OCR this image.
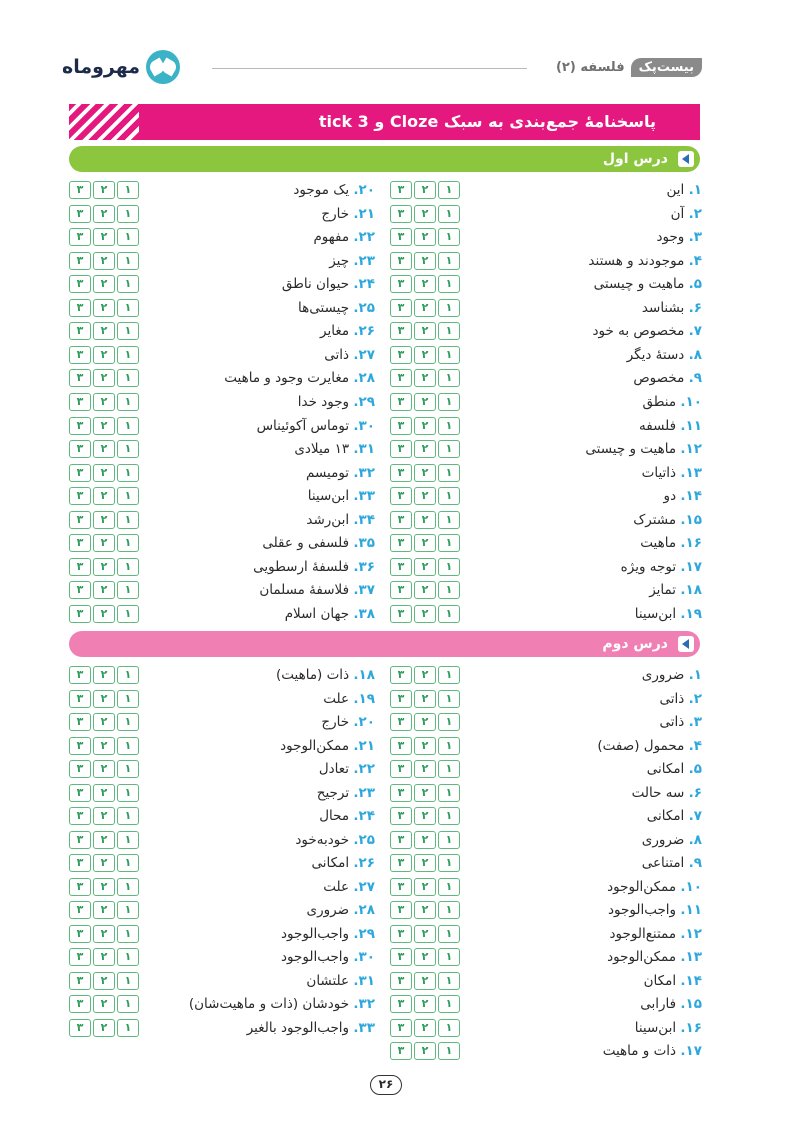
مهروماه	بیست‌پک
فلسفه (۲)
پاسخنامه‌ٔ جمع‌بندی به سبک Cloze و tick 3
درس اول
درس دوم
۳	۲	۱	۱. این
۳	۲	۱	۲. آن
۳	۲	۱	۳. وجود
۳	۲	۱	۴. موجودند و هستند
۳	۲	۱	۵. ماهیت و چیستی
۳	۲	۱	۶. بشناسد
۳	۲	۱	۷. مخصوص به خود
۳	۲	۱	۸. دستهٔ دیگر
۳	۲	۱	۹. مخصوص
۳	۲	۱	۱۰. منطق
۳	۲	۱	۱۱. فلسفه
۳	۲	۱	۱۲. ماهیت و چیستی
۳	۲	۱	۱۳. ذاتیات
۳	۲	۱	۱۴. دو
۳	۲	۱	۱۵. مشترک
۳	۲	۱	۱۶. ماهیت
۳	۲	۱	۱۷. توجه ویژه
۳	۲	۱	۱۸. تمایز
۳	۲	۱	۱۹. ابن‌سینا
۳	۲	۱	۲۰. یک موجود
۳	۲	۱	۲۱. خارج
۳	۲	۱	۲۲. مفهوم
۳	۲	۱	۲۳. چیز
۳	۲	۱	۲۴. حیوان ناطق
۳	۲	۱	۲۵. چیستی‌ها
۳	۲	۱	۲۶. مغایر
۳	۲	۱	۲۷. ذاتی
۳	۲	۱	۲۸. مغایرت وجود و ماهیت
۳	۲	۱	۲۹. وجود خدا
۳	۲	۱	۳۰. توماس آکوئیناس
۳	۲	۱	۳۱. ۱۳ میلادی
۳	۲	۱	۳۲. تومیسم
۳	۲	۱	۳۳. ابن‌سینا
۳	۲	۱	۳۴. ابن‌رشد
۳	۲	۱	۳۵. فلسفی و عقلی
۳	۲	۱	۳۶. فلسفهٔ ارسطویی
۳	۲	۱	۳۷. فلاسفهٔ مسلمان
۳	۲	۱	۳۸. جهان اسلام
۳	۲	۱	۱. ضروری
۳	۲	۱	۲. ذاتی
۳	۲	۱	۳. ذاتی
۳	۲	۱	۴. محمول (صفت)
۳	۲	۱	۵. امکانی
۳	۲	۱	۶. سه حالت
۳	۲	۱	۷. امکانی
۳	۲	۱	۸. ضروری
۳	۲	۱	۹. امتناعی
۳	۲	۱	۱۰. ممکن‌الوجود
۳	۲	۱	۱۱. واجب‌الوجود
۳	۲	۱	۱۲. ممتنع‌الوجود
۳	۲	۱	۱۳. ممکن‌الوجود
۳	۲	۱	۱۴. امکان
۳	۲	۱	۱۵. فارابی
۳	۲	۱	۱۶. ابن‌سینا
۳	۲	۱	۱۷. ذات و ماهیت
۳	۲	۱	۱۸. ذات (ماهیت)
۳	۲	۱	۱۹. علت
۳	۲	۱	۲۰. خارج
۳	۲	۱	۲۱. ممکن‌الوجود
۳	۲	۱	۲۲. تعادل
۳	۲	۱	۲۳. ترجیح
۳	۲	۱	۲۴. محال
۳	۲	۱	۲۵. خودبه‌خود
۳	۲	۱	۲۶. امکانی
۳	۲	۱	۲۷. علت
۳	۲	۱	۲۸. ضروری
۳	۲	۱	۲۹. واجب‌الوجود
۳	۲	۱	۳۰. واجب‌الوجود
۳	۲	۱	۳۱. علتشان
۳	۲	۱	۳۲. خودشان (ذات و ماهیت‌شان)
۳	۲	۱	۳۳. واجب‌الوجود بالغیر
۲۶
